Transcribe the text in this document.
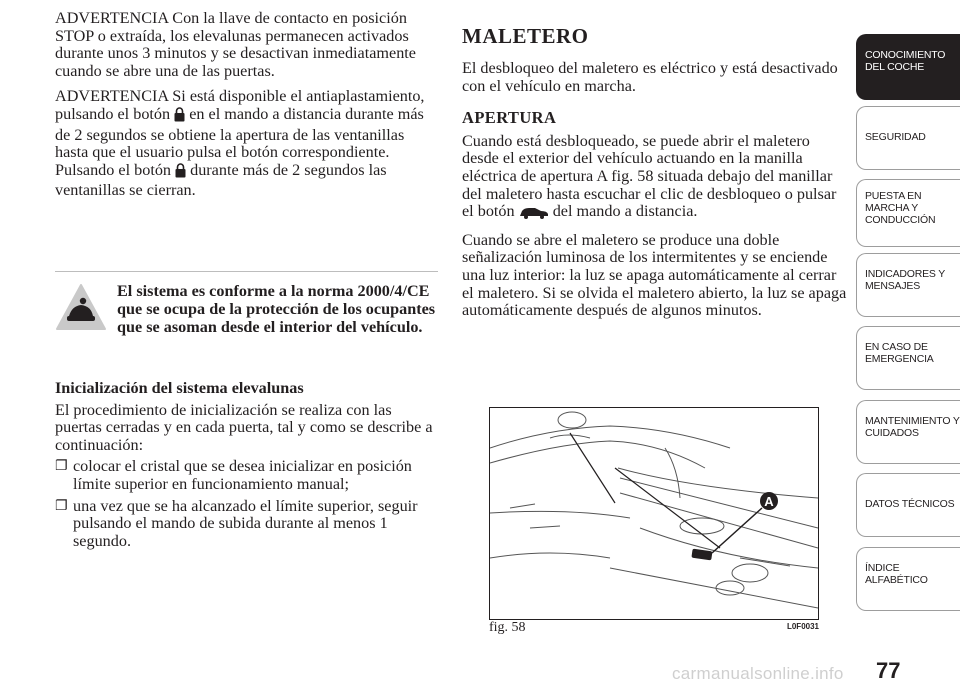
ADVERTENCIA Con la llave de contacto en posición STOP o extraída, los elevalunas permanecen activados durante unos 3 minutos y se desactivan inmediatamente cuando se abre una de las puertas.

ADVERTENCIA Si está disponible el antiaplastamiento, pulsando el botón en el mando a distancia durante más de 2 segundos se obtiene la apertura de las ventanillas hasta que el usuario pulsa el botón correspondiente. Pulsando el botón durante más de 2 segundos las ventanillas se cierran.

El sistema es conforme a la norma 2000/4/CE que se ocupa de la protección de los ocupantes que se asoman desde el interior del vehículo.

Inicialización del sistema elevalunas

El procedimiento de inicialización se realiza con las puertas cerradas y en cada puerta, tal y como se describe a continuación:

❐ colocar el cristal que se desea inicializar en posición límite superior en funcionamiento manual;
❐ una vez que se ha alcanzado el límite superior, seguir pulsando el mando de subida durante al menos 1 segundo.
MALETERO

El desbloqueo del maletero es eléctrico y está desactivado con el vehículo en marcha.

APERTURA

Cuando está desbloqueado, se puede abrir el maletero desde el exterior del vehículo actuando en la manilla eléctrica de apertura A fig. 58 situada debajo del manillar del maletero hasta escuchar el clic de desbloqueo o pulsar el botón del mando a distancia.

Cuando se abre el maletero se produce una doble señalización luminosa de los intermitentes y se enciende una luz interior: la luz se apaga automáticamente al cerrar el maletero. Si se olvida el maletero abierto, la luz se apaga automáticamente después de algunos minutos.

A
fig. 58	L0F0031
CONOCIMIENTO
DEL COCHE
SEGURIDAD
PUESTA EN
MARCHA Y
CONDUCCIÓN
INDICADORES Y
MENSAJES
EN CASO DE
EMERGENCIA
MANTENIMIENTO Y
CUIDADOS
DATOS TÉCNICOS
ÍNDICE
ALFABÉTICO
77
carmanualsonline.info
